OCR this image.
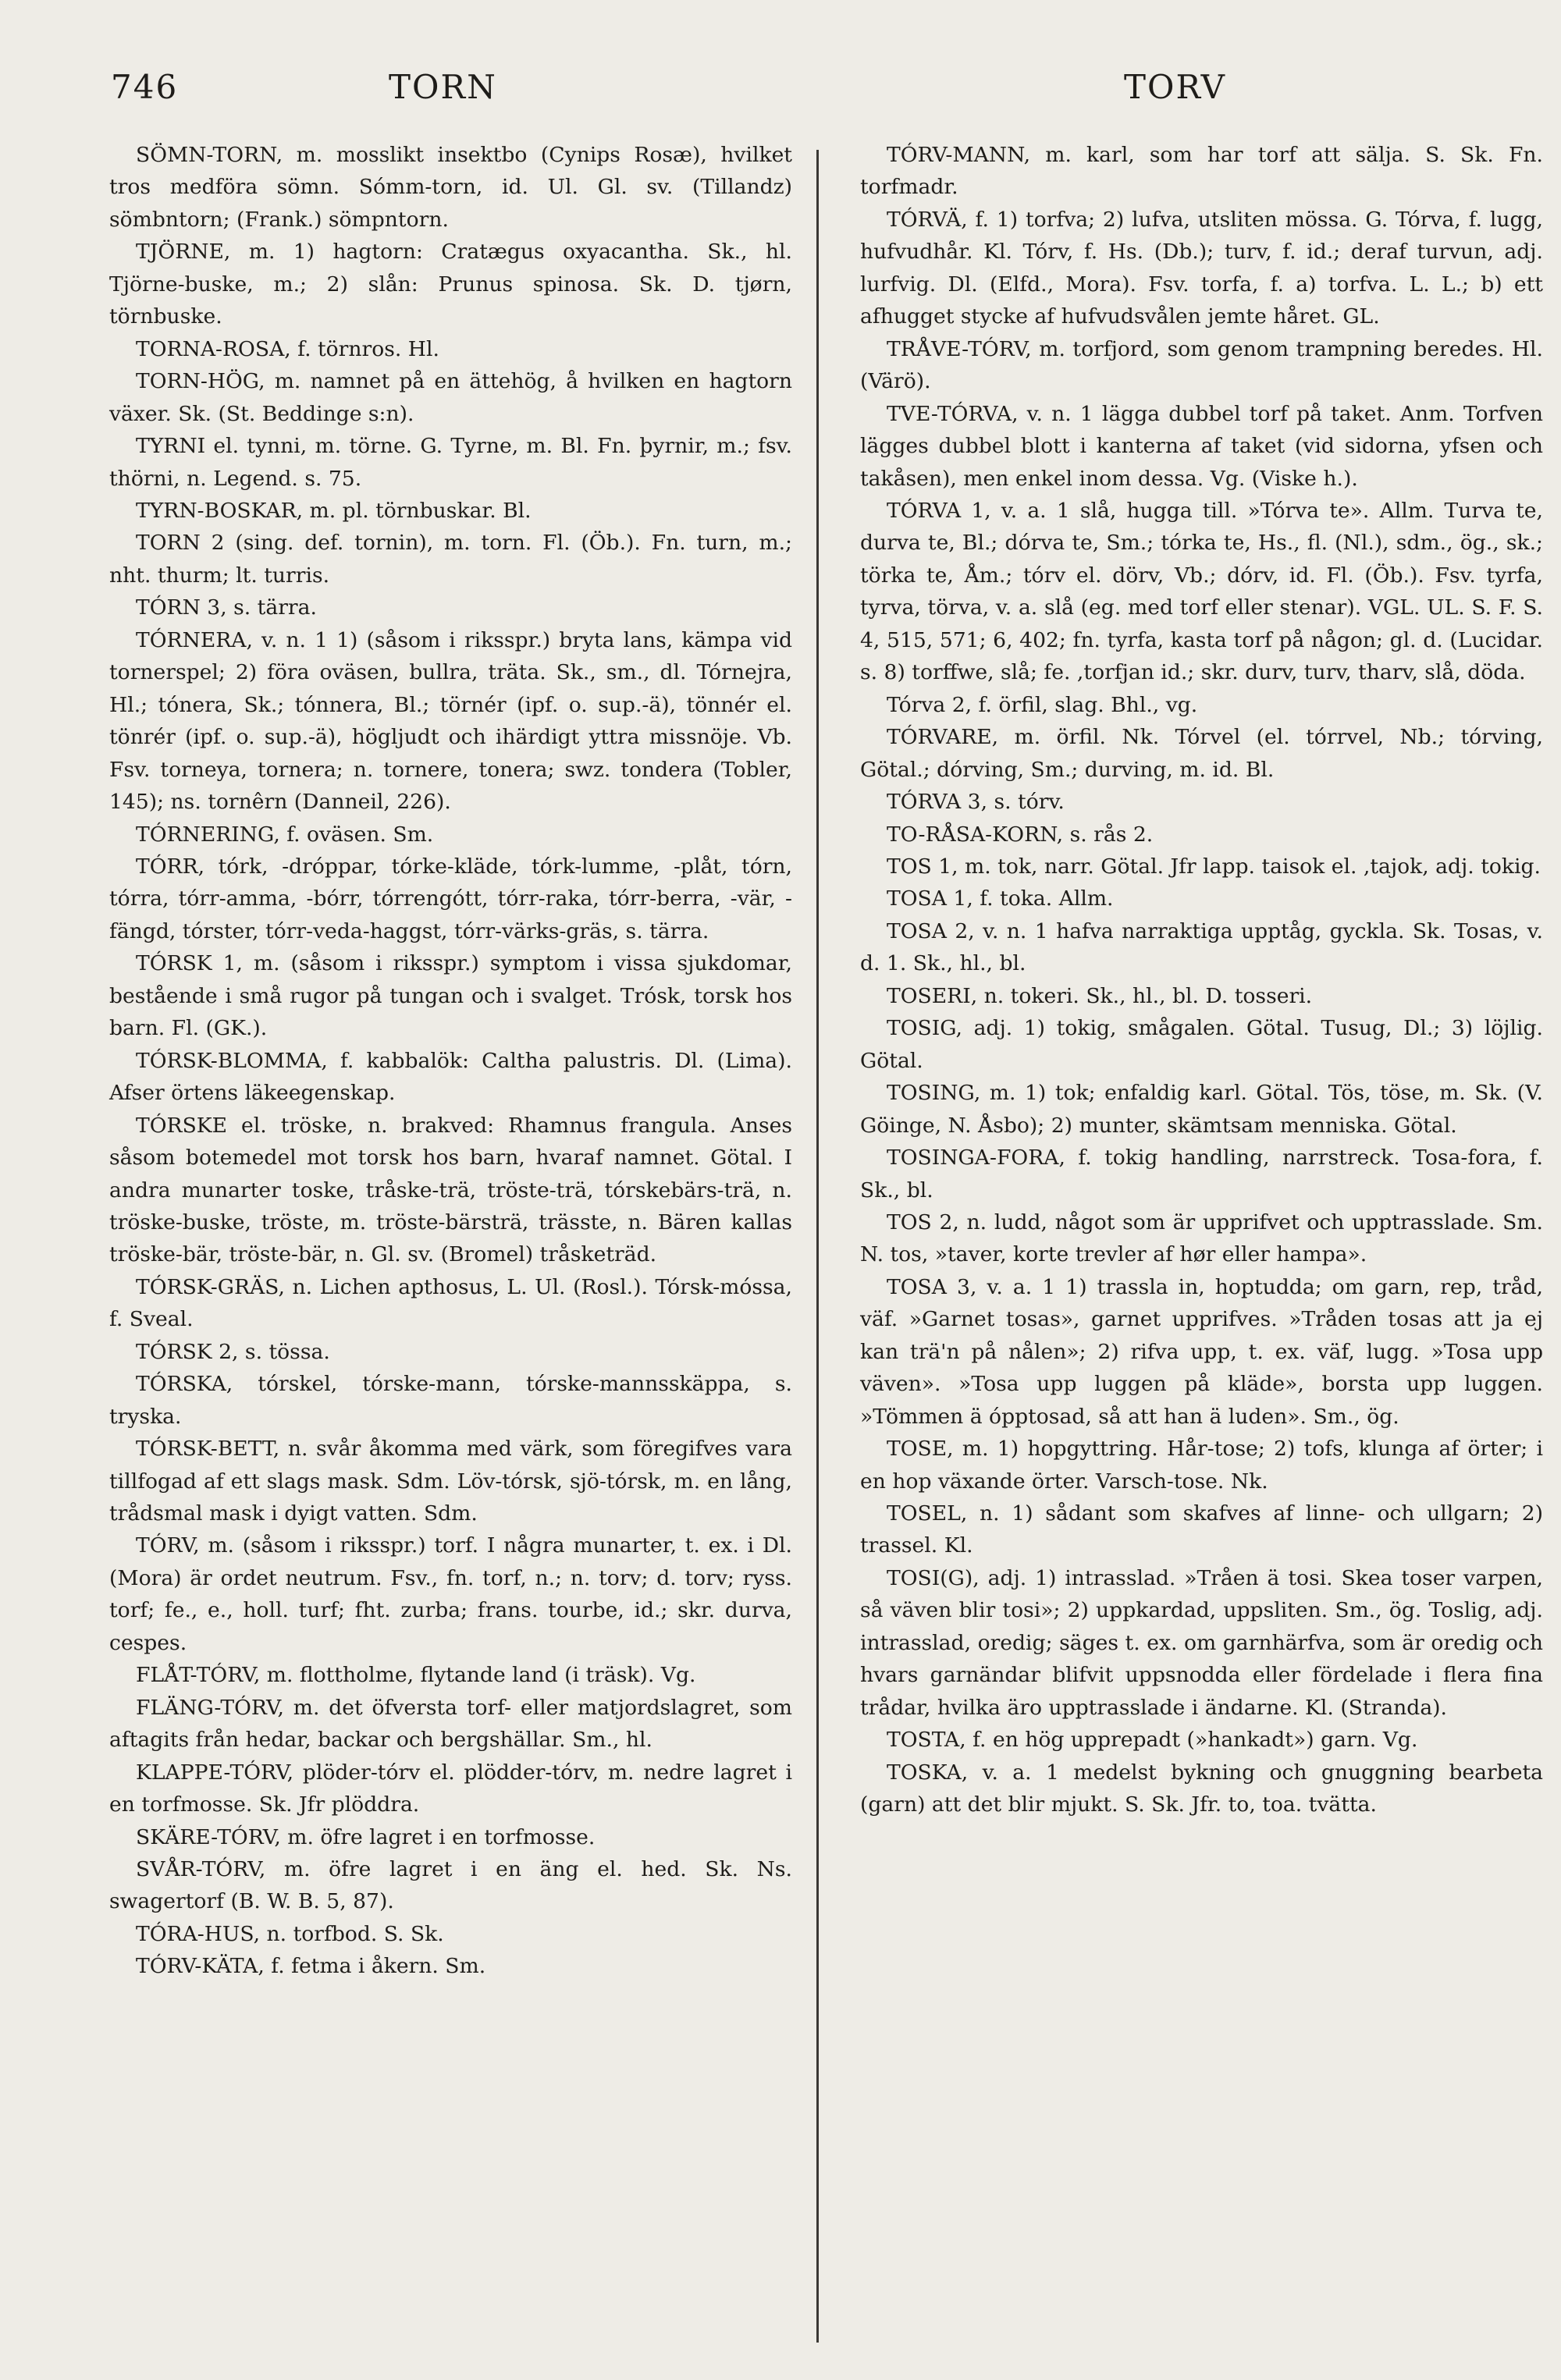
746	TORN	TORV

SÖMN-TORN, m. mosslikt insektbo (Cynips Rosæ), hvilket tros medföra sömn. Sómm-torn, id. Ul. Gl. sv. (Tillandz) sömbntorn; (Frank.) sömpntorn.

TJÖRNE, m. 1) hagtorn: Cratægus oxyacantha. Sk., hl. Tjörne-buske, m.; 2) slån: Prunus spinosa. Sk. D. tjørn, törnbuske.

TORNA-ROSA, f. törnros. Hl.

TORN-HÖG, m. namnet på en ättehög, å hvilken en hagtorn växer. Sk. (St. Beddinge s:n).

TYRNI el. tynni, m. törne. G. Tyrne, m. Bl. Fn. þyrnir, m.; fsv. thörni, n. Legend. s. 75.

TYRN-BOSKAR, m. pl. törnbuskar. Bl.

TORN 2 (sing. def. tornin), m. torn. Fl. (Öb.). Fn. turn, m.; nht. thurm; lt. turris.

TÓRN 3, s. tärra.

TÓRNERA, v. n. 1 1) (såsom i riksspr.) bryta lans, kämpa vid tornerspel; 2) föra oväsen, bullra, träta. Sk., sm., dl. Tórnejra, Hl.; tónera, Sk.; tónnera, Bl.; törnér (ipf. o. sup.-ä), tönnér el. tönrér (ipf. o. sup.-ä), högljudt och ihärdigt yttra missnöje. Vb. Fsv. torneya, tornera; n. tornere, tonera; swz. tondera (Tobler, 145); ns. tornêrn (Danneil, 226).

TÓRNERING, f. oväsen. Sm.

TÓRR, tórk, -dróppar, tórke-kläde, tórk-lumme, -plåt, tórn, tórra, tórr-amma, -bórr, tórrengótt, tórr-raka, tórr-berra, -vär, -fängd, tórster, tórr-veda-haggst, tórr-värks-gräs, s. tärra.

TÓRSK 1, m. (såsom i riksspr.) symptom i vissa sjukdomar, bestående i små rugor på tungan och i svalget. Trósk, torsk hos barn. Fl. (GK.).

TÓRSK-BLOMMA, f. kabbalök: Caltha palustris. Dl. (Lima). Afser örtens läkeegenskap.

TÓRSKE el. tröske, n. brakved: Rhamnus frangula. Anses såsom botemedel mot torsk hos barn, hvaraf namnet. Götal. I andra munarter toske, tråske-trä, tröste-trä, tórskebärs-trä, n. tröske-buske, tröste, m. tröste-bärsträ, trässte, n. Bären kallas tröske-bär, tröste-bär, n. Gl. sv. (Bromel) tråsketräd.

TÓRSK-GRÄS, n. Lichen apthosus, L. Ul. (Rosl.). Tórsk-móssa, f. Sveal.

TÓRSK 2, s. tössa.

TÓRSKA, tórskel, tórske-mann, tórske-mannsskäppa, s. tryska.

TÓRSK-BETT, n. svår åkomma med värk, som föregifves vara tillfogad af ett slags mask. Sdm. Löv-tórsk, sjö-tórsk, m. en lång, trådsmal mask i dyigt vatten. Sdm.

TÓRV, m. (såsom i riksspr.) torf. I några munarter, t. ex. i Dl. (Mora) är ordet neutrum. Fsv., fn. torf, n.; n. torv; d. torv; ryss. torf; fe., e., holl. turf; fht. zurba; frans. tourbe, id.; skr. durva, cespes.

FLÅT-TÓRV, m. flottholme, flytande land (i träsk). Vg.

FLÄNG-TÓRV, m. det öfversta torf- eller matjordslagret, som aftagits från hedar, backar och bergshällar. Sm., hl.

KLAPPE-TÓRV, plöder-tórv el. plödder-tórv, m. nedre lagret i en torfmosse. Sk. Jfr plöddra.

SKÄRE-TÓRV, m. öfre lagret i en torfmosse.

SVÅR-TÓRV, m. öfre lagret i en äng el. hed. Sk. Ns. swagertorf (B. W. B. 5, 87).

TÓRA-HUS, n. torfbod. S. Sk.

TÓRV-KÄTA, f. fetma i åkern. Sm.

TÓRV-MANN, m. karl, som har torf att sälja. S. Sk. Fn. torfmadr.

TÓRVÄ, f. 1) torfva; 2) lufva, utsliten mössa. G. Tórva, f. lugg, hufvudhår. Kl. Tórv, f. Hs. (Db.); turv, f. id.; deraf turvun, adj. lurfvig. Dl. (Elfd., Mora). Fsv. torfa, f. a) torfva. L. L.; b) ett afhugget stycke af hufvudsvålen jemte håret. GL.

TRÅVE-TÓRV, m. torfjord, som genom trampning beredes. Hl. (Värö).

TVE-TÓRVA, v. n. 1 lägga dubbel torf på taket. Anm. Torfven lägges dubbel blott i kanterna af taket (vid sidorna, yfsen och takåsen), men enkel inom dessa. Vg. (Viske h.).

TÓRVA 1, v. a. 1 slå, hugga till. »Tórva te». Allm. Turva te, durva te, Bl.; dórva te, Sm.; tórka te, Hs., fl. (Nl.), sdm., ög., sk.; törka te, Åm.; tórv el. dörv, Vb.; dórv, id. Fl. (Öb.). Fsv. tyrfa, tyrva, törva, v. a. slå (eg. med torf eller stenar). VGL. UL. S. F. S. 4, 515, 571; 6, 402; fn. tyrfa, kasta torf på någon; gl. d. (Lucidar. s. 8) torffwe, slå; fe. ,torfjan id.; skr. durv, turv, tharv, slå, döda.

Tórva 2, f. örfil, slag. Bhl., vg.

TÓRVARE, m. örfil. Nk. Tórvel (el. tórrvel, Nb.; tórving, Götal.; dórving, Sm.; durving, m. id. Bl.

TÓRVA 3, s. tórv.

TO-RÅSA-KORN, s. rås 2.

TOS 1, m. tok, narr. Götal. Jfr lapp. taisok el. ,tajok, adj. tokig.

TOSA 1, f. toka. Allm.

TOSA 2, v. n. 1 hafva narraktiga upptåg, gyckla. Sk. Tosas, v. d. 1. Sk., hl., bl.

TOSERI, n. tokeri. Sk., hl., bl. D. tosseri.

TOSIG, adj. 1) tokig, smågalen. Götal. Tusug, Dl.; 3) löjlig. Götal.

TOSING, m. 1) tok; enfaldig karl. Götal. Tös, töse, m. Sk. (V. Göinge, N. Åsbo); 2) munter, skämtsam menniska. Götal.

TOSINGA-FORA, f. tokig handling, narrstreck. Tosa-fora, f. Sk., bl.

TOS 2, n. ludd, något som är upprifvet och upptrasslade. Sm. N. tos, »taver, korte trevler af hør eller hampa».

TOSA 3, v. a. 1 1) trassla in, hoptudda; om garn, rep, tråd, väf. »Garnet tosas», garnet upprifves. »Tråden tosas att ja ej kan trä'n på nålen»; 2) rifva upp, t. ex. väf, lugg. »Tosa upp väven». »Tosa upp luggen på kläde», borsta upp luggen. »Tömmen ä ópptosad, så att han ä luden». Sm., ög.

TOSE, m. 1) hopgyttring. Hår-tose; 2) tofs, klunga af örter; i en hop växande örter. Varsch-tose. Nk.

TOSEL, n. 1) sådant som skafves af linne- och ullgarn; 2) trassel. Kl.

TOSI(G), adj. 1) intrasslad. »Tråen ä tosi. Skea toser varpen, så väven blir tosi»; 2) uppkardad, uppsliten. Sm., ög. Toslig, adj. intrasslad, oredig; säges t. ex. om garnhärfva, som är oredig och hvars garnändar blifvit uppsnodda eller fördelade i flera fina trådar, hvilka äro upptrasslade i ändarne. Kl. (Stranda).

TOSTA, f. en hög upprepadt (»hankadt») garn. Vg.

TOSKA, v. a. 1 medelst bykning och gnuggning bearbeta (garn) att det blir mjukt. S. Sk. Jfr. to, toa. tvätta.
